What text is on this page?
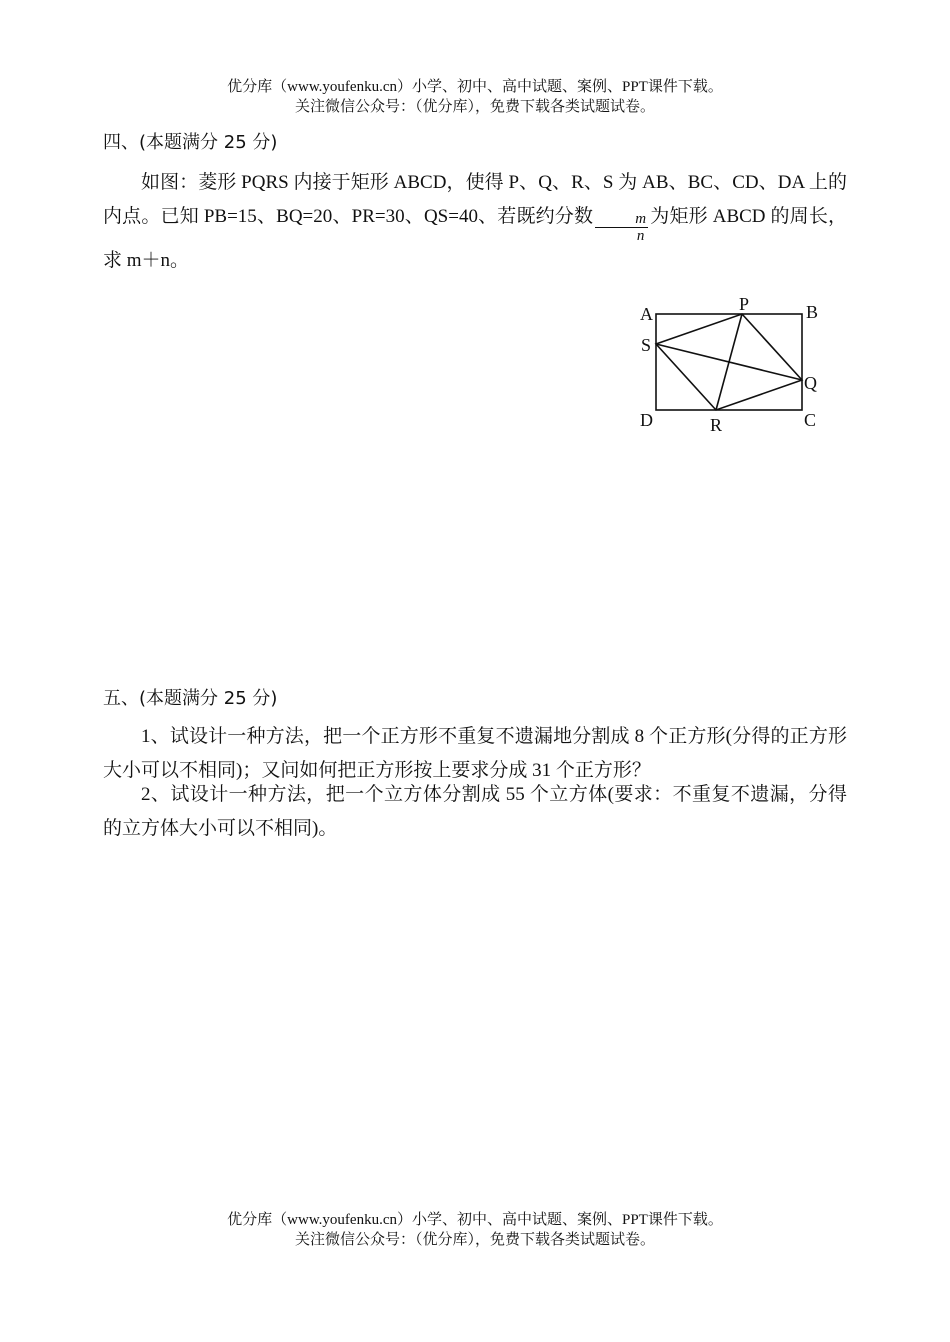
优分库（www.youfenku.cn）小学、初中、高中试题、案例、PPT课件下载。
关注微信公众号：（优分库），免费下载各类试题试卷。
四、(本题满分 25 分)
如图：菱形 PQRS 内接于矩形 ABCD，使得 P、Q、R、S 为 AB、BC、CD、DA 上的内点。已知 PB=15、BQ=20、PR=30、QS=40、若既约分数 $\frac{m}{n}$ 为矩形 ABCD 的周长，求 m＋n。
A	B
C
D
P
Q
R
S
五、(本题满分 25 分)
1、试设计一种方法，把一个正方形不重复不遗漏地分割成 8 个正方形(分得的正方形大小可以不相同)；又问如何把正方形按上要求分成 31 个正方形？
2、试设计一种方法，把一个立方体分割成 55 个立方体(要求：不重复不遗漏，分得的立方体大小可以不相同)。
优分库（www.youfenku.cn）小学、初中、高中试题、案例、PPT课件下载。
关注微信公众号：（优分库），免费下载各类试题试卷。
